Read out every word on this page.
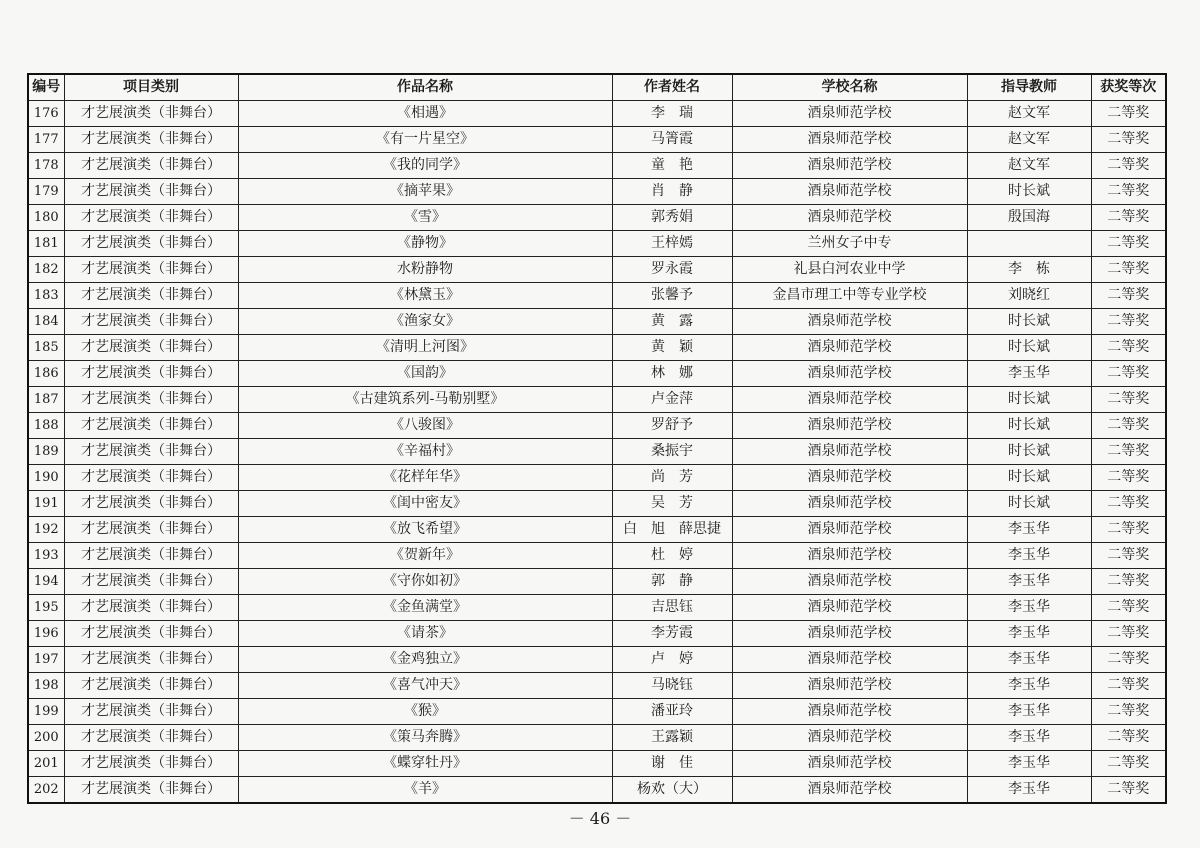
编号	项目类别	作品名称	作者姓名	学校名称	指导教师	获奖等次
176	才艺展演类（非舞台）	《相遇》	李　瑞	酒泉师范学校	赵文军	二等奖
177	才艺展演类（非舞台）	《有一片星空》	马箐霞	酒泉师范学校	赵文军	二等奖
178	才艺展演类（非舞台）	《我的同学》	童　艳	酒泉师范学校	赵文军	二等奖
179	才艺展演类（非舞台）	《摘苹果》	肖　静	酒泉师范学校	时长斌	二等奖
180	才艺展演类（非舞台）	《雪》	郭秀娟	酒泉师范学校	殷国海	二等奖
181	才艺展演类（非舞台）	《静物》	王梓嫣	兰州女子中专		二等奖
182	才艺展演类（非舞台）	水粉静物	罗永霞	礼县白河农业中学	李　栋	二等奖
183	才艺展演类（非舞台）	《林黛玉》	张馨予	金昌市理工中等专业学校	刘晓红	二等奖
184	才艺展演类（非舞台）	《渔家女》	黄　露	酒泉师范学校	时长斌	二等奖
185	才艺展演类（非舞台）	《清明上河图》	黄　颖	酒泉师范学校	时长斌	二等奖
186	才艺展演类（非舞台）	《国韵》	林　娜	酒泉师范学校	李玉华	二等奖
187	才艺展演类（非舞台）	《古建筑系列-马勒别墅》	卢金萍	酒泉师范学校	时长斌	二等奖
188	才艺展演类（非舞台）	《八骏图》	罗舒予	酒泉师范学校	时长斌	二等奖
189	才艺展演类（非舞台）	《辛福村》	桑振宇	酒泉师范学校	时长斌	二等奖
190	才艺展演类（非舞台）	《花样年华》	尚　芳	酒泉师范学校	时长斌	二等奖
191	才艺展演类（非舞台）	《闺中密友》	吴　芳	酒泉师范学校	时长斌	二等奖
192	才艺展演类（非舞台）	《放飞希望》	白　旭　薛思捷	酒泉师范学校	李玉华	二等奖
193	才艺展演类（非舞台）	《贺新年》	杜　婷	酒泉师范学校	李玉华	二等奖
194	才艺展演类（非舞台）	《守你如初》	郭　静	酒泉师范学校	李玉华	二等奖
195	才艺展演类（非舞台）	《金鱼满堂》	吉思钰	酒泉师范学校	李玉华	二等奖
196	才艺展演类（非舞台）	《请茶》	李芳霞	酒泉师范学校	李玉华	二等奖
197	才艺展演类（非舞台）	《金鸡独立》	卢　婷	酒泉师范学校	李玉华	二等奖
198	才艺展演类（非舞台）	《喜气冲天》	马晓钰	酒泉师范学校	李玉华	二等奖
199	才艺展演类（非舞台）	《猴》	潘亚玲	酒泉师范学校	李玉华	二等奖
200	才艺展演类（非舞台）	《策马奔腾》	王露颖	酒泉师范学校	李玉华	二等奖
201	才艺展演类（非舞台）	《蝶穿牡丹》	谢　佳	酒泉师范学校	李玉华	二等奖
202	才艺展演类（非舞台）	《羊》	杨欢（大）	酒泉师范学校	李玉华	二等奖
－ 46 －
